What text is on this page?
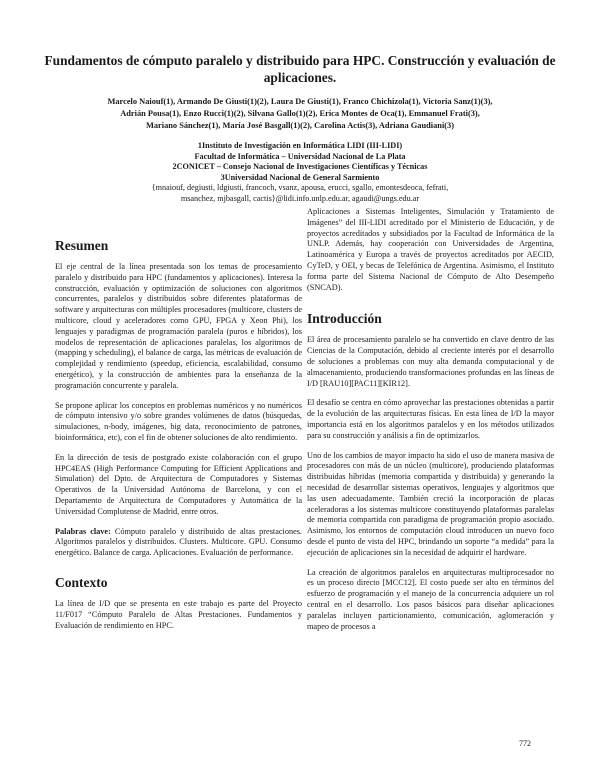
Fundamentos de cómputo paralelo y distribuido para HPC. Construcción y evaluación de aplicaciones.
Marcelo Naiouf(1), Armando De Giusti(1)(2), Laura De Giusti(1), Franco Chichizola(1), Victoria Sanz(1)(3),
Adrián Pousa(1), Enzo Rucci(1)(2), Silvana Gallo(1)(2), Erica Montes de Oca(1), Emmanuel Frati(3),
Mariano Sánchez(1), María José Basgall(1)(2), Carolina Actis(3), Adriana Gaudiani(3)
1Instituto de Investigación en Informática LIDI (III-LIDI)
Facultad de Informática – Universidad Nacional de La Plata
2CONICET – Consejo Nacional de Investigaciones Científicas y Técnicas
3Universidad Nacional de General Sarmiento
{mnaiouf, degiusti, ldgiusti, francoch, vsanz, apousa, erucci, sgallo, emontesdeoca, fefrati,
msanchez, mjbasgall, cactis}@lidi.info.unlp.edu.ar, agaudi@ungs.edu.ar
Resumen

El eje central de la línea presentada son los temas de procesamiento paralelo y distribuido para HPC (fundamentos y aplicaciones). Interesa la construcción, evaluación y optimización de soluciones con algoritmos concurrentes, paralelos y distribuidos sobre diferentes plataformas de software y arquitecturas con múltiples procesadores (multicore, clusters de multicore, cloud y aceleradores como GPU, FPGA y Xeon Phi), los lenguajes y paradigmas de programación paralela (puros e híbridos), los modelos de representación de aplicaciones paralelas, los algoritmos de (mapping y scheduling), el balance de carga, las métricas de evaluación de complejidad y rendimiento (speedup, eficiencia, escalabilidad, consumo energético), y la construcción de ambientes para la enseñanza de la programación concurrente y paralela.

Se propone aplicar los conceptos en problemas numéricos y no numéricos de cómputo intensivo y/o sobre grandes volúmenes de datos (búsquedas, simulaciones, n-body, imágenes, big data, reconocimiento de patrones, bioinformática, etc), con el fin de obtener soluciones de alto rendimiento.

En la dirección de tesis de postgrado existe colaboración con el grupo HPC4EAS (High Performance Computing for Efficient Applications and Simulation) del Dpto. de Arquitectura de Computadores y Sistemas Operativos de la Universidad Autónoma de Barcelona, y con el Departamento de Arquitectura de Computadores y Automática de la Universidad Complutense de Madrid, entre otros.

Palabras clave: Cómputo paralelo y distribuido de altas prestaciones. Algoritmos paralelos y distribuidos. Clusters. Multicore. GPU. Consumo energético. Balance de carga. Aplicaciones. Evaluación de performance.

Contexto

La línea de I/D que se presenta en este trabajo es parte del Proyecto 11/F017 “Cómputo Paralelo de Altas Prestaciones. Fundamentos y Evaluación de rendimiento en HPC.

Aplicaciones a Sistemas Inteligentes, Simulación y Tratamiento de Imágenes” del III-LIDI acreditado por el Ministerio de Educación, y de proyectos acreditados y subsidiados por la Facultad de Informática de la UNLP. Además, hay cooperación con Universidades de Argentina, Latinoamérica y Europa a través de proyectos acreditados por AECID, CyTeD, y OEI, y becas de Telefónica de Argentina. Asimismo, el Instituto forma parte del Sistema Nacional de Cómputo de Alto Desempeño (SNCAD).

Introducción

El área de procesamiento paralelo se ha convertido en clave dentro de las Ciencias de la Computación, debido al creciente interés por el desarrollo de soluciones a problemas con muy alta demanda computacional y de almacenamiento, produciendo transformaciones profundas en las líneas de I/D [RAU10][PAC11][KIR12].

El desafío se centra en cómo aprovechar las prestaciones obtenidas a partir de la evolución de las arquitecturas físicas. En esta línea de I/D la mayor importancia está en los algoritmos paralelos y en los métodos utilizados para su construcción y análisis a fin de optimizarlos.

Uno de los cambios de mayor impacto ha sido el uso de manera masiva de procesadores con más de un núcleo (multicore), produciendo plataformas distribuidas híbridas (memoria compartida y distribuida) y generando la necesidad de desarrollar sistemas operativos, lenguajes y algoritmos que las usen adecuadamente. También creció la incorporación de placas aceleradoras a los sistemas multicore constituyendo plataformas paralelas de memoria compartida con paradigma de programación propio asociado. Asimismo, los entornos de computación cloud introducen un nuevo foco desde el punto de vista del HPC, brindando un soporte “a medida” para la ejecución de aplicaciones sin la necesidad de adquirir el hardware.

La creación de algoritmos paralelos en arquitecturas multiprocesador no es un proceso directo [MCC12]. El costo puede ser alto en términos del esfuerzo de programación y el manejo de la concurrencia adquiere un rol central en el desarrollo. Los pasos básicos para diseñar aplicaciones paralelas incluyen particionamiento, comunicación, aglomeración y mapeo de procesos a

772
